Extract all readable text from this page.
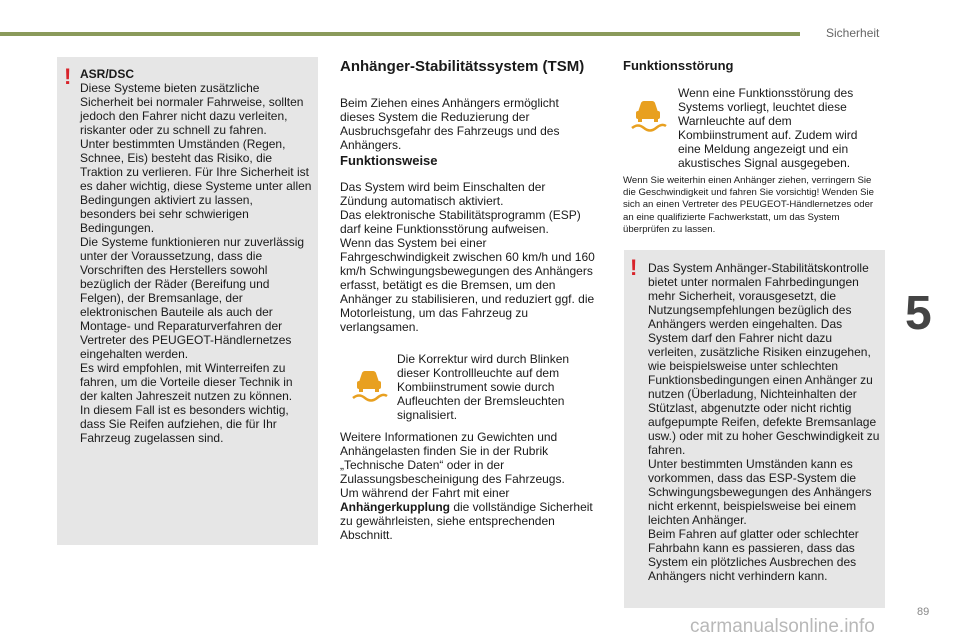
Sicherheit
5
89
carmanualsonline.info
! ASR/DSC
Diese Systeme bieten zusätzliche Sicherheit bei normaler Fahrweise, sollten jedoch den Fahrer nicht dazu verleiten, riskanter oder zu schnell zu fahren.
Unter bestimmten Umständen (Regen, Schnee, Eis) besteht das Risiko, die Traktion zu verlieren. Für Ihre Sicherheit ist es daher wichtig, diese Systeme unter allen Bedingungen aktiviert zu lassen, besonders bei sehr schwierigen Bedingungen.
Die Systeme funktionieren nur zuverlässig unter der Voraussetzung, dass die Vorschriften des Herstellers sowohl bezüglich der Räder (Bereifung und Felgen), der Bremsanlage, der elektronischen Bauteile als auch der Montage- und Reparaturverfahren der Vertreter des PEUGEOT-Händlernetzes eingehalten werden.
Es wird empfohlen, mit Winterreifen zu fahren, um die Vorteile dieser Technik in der kalten Jahreszeit nutzen zu können.
In diesem Fall ist es besonders wichtig, dass Sie Reifen aufziehen, die für Ihr Fahrzeug zugelassen sind.
Anhänger-Stabilitätssystem (TSM)
Beim Ziehen eines Anhängers ermöglicht dieses System die Reduzierung der Ausbruchsgefahr des Fahrzeugs und des Anhängers.
Funktionsweise
Das System wird beim Einschalten der Zündung automatisch aktiviert.
Das elektronische Stabilitätsprogramm (ESP) darf keine Funktionsstörung aufweisen.
Wenn das System bei einer Fahrgeschwindigkeit zwischen 60 km/h und 160 km/h Schwingungsbewegungen des Anhängers erfasst, betätigt es die Bremsen, um den Anhänger zu stabilisieren, und reduziert ggf. die Motorleistung, um das Fahrzeug zu verlangsamen.
Die Korrektur wird durch Blinken dieser Kontrollleuchte auf dem Kombiinstrument sowie durch Aufleuchten der Bremsleuchten signalisiert.
Weitere Informationen zu Gewichten und Anhängelasten finden Sie in der Rubrik „Technische Daten“ oder in der Zulassungsbescheinigung des Fahrzeugs.
Um während der Fahrt mit einer Anhängerkupplung die vollständige Sicherheit zu gewährleisten, siehe entsprechenden Abschnitt.
Funktionsstörung
Wenn eine Funktionsstörung des Systems vorliegt, leuchtet diese Warnleuchte auf dem Kombiinstrument auf. Zudem wird eine Meldung angezeigt und ein akustisches Signal ausgegeben.
Wenn Sie weiterhin einen Anhänger ziehen, verringern Sie die Geschwindigkeit und fahren Sie vorsichtig! Wenden Sie sich an einen Vertreter des PEUGEOT-Händlernetzes oder an eine qualifizierte Fachwerkstatt, um das System überprüfen zu lassen.
! Das System Anhänger-Stabilitätskontrolle bietet unter normalen Fahrbedingungen mehr Sicherheit, vorausgesetzt, die Nutzungsempfehlungen bezüglich des Anhängers werden eingehalten. Das System darf den Fahrer nicht dazu verleiten, zusätzliche Risiken einzugehen, wie beispielsweise unter schlechten Funktionsbedingungen einen Anhänger zu nutzen (Überladung, Nichteinhalten der Stützlast, abgenutzte oder nicht richtig aufgepumpte Reifen, defekte Bremsanlage usw.) oder mit zu hoher Geschwindigkeit zu fahren.
Unter bestimmten Umständen kann es vorkommen, dass das ESP-System die Schwingungsbewegungen des Anhängers nicht erkennt, beispielsweise bei einem leichten Anhänger.
Beim Fahren auf glatter oder schlechter Fahrbahn kann es passieren, dass das System ein plötzliches Ausbrechen des Anhängers nicht verhindern kann.
